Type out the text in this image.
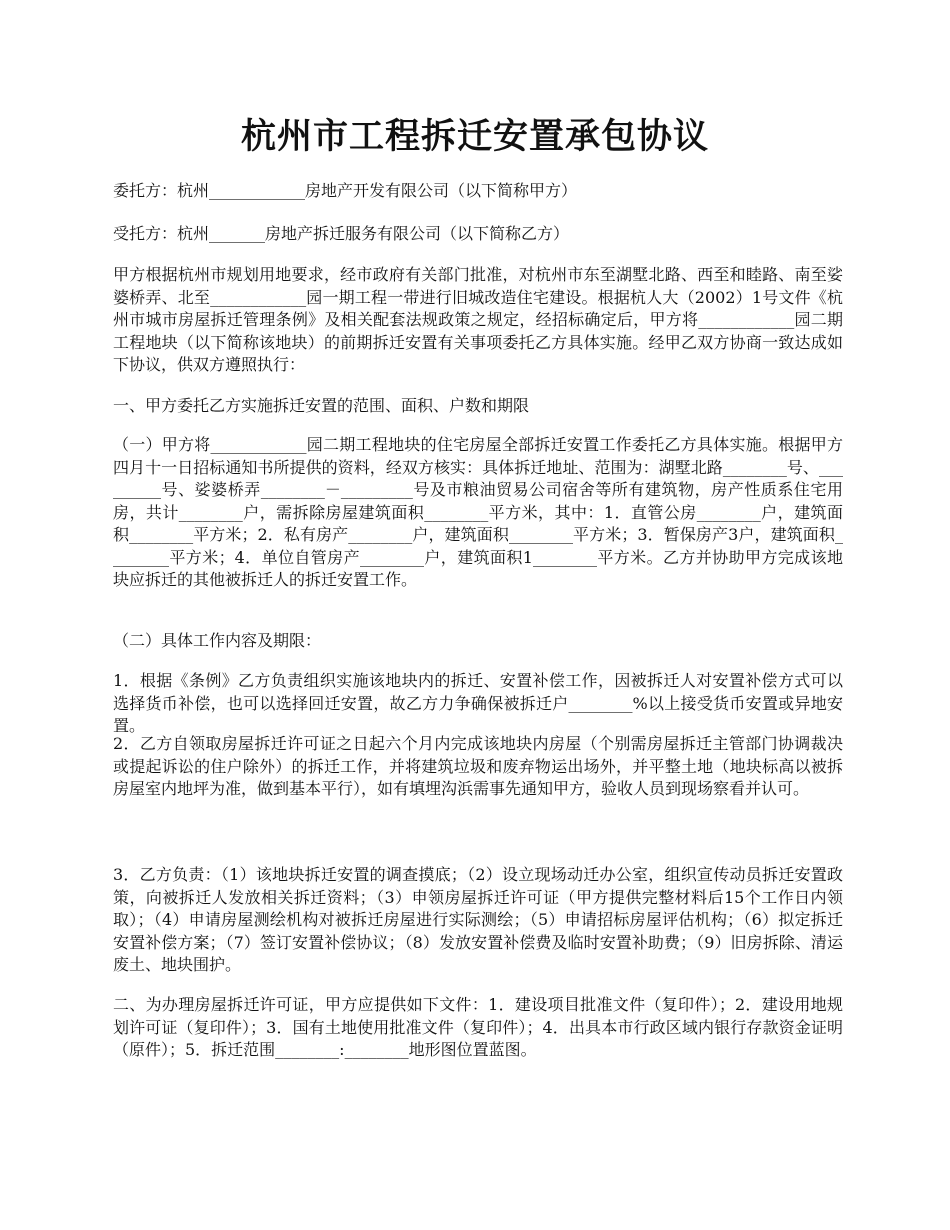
杭州市工程拆迁安置承包协议

委托方：杭州____________房地产开发有限公司（以下简称甲方）

受托方：杭州_______房地产拆迁服务有限公司（以下简称乙方）

甲方根据杭州市规划用地要求，经市政府有关部门批准，对杭州市东至湖墅北路、西至和睦路、南至娑婆桥弄、北至____________园一期工程一带进行旧城改造住宅建设。根据杭人大（2002）1号文件《杭州市城市房屋拆迁管理条例》及相关配套法规政策之规定，经招标确定后，甲方将____________园二期工程地块（以下简称该地块）的前期拆迁安置有关事项委托乙方具体实施。经甲乙双方协商一致达成如下协议，供双方遵照执行：

一、甲方委托乙方实施拆迁安置的范围、面积、户数和期限

（一）甲方将____________园二期工程地块的住宅房屋全部拆迁安置工作委托乙方具体实施。根据甲方四月十一日招标通知书所提供的资料，经双方核实：具体拆迁地址、范围为：湖墅北路________号、_________号、娑婆桥弄________－_________号及市粮油贸易公司宿舍等所有建筑物，房产性质系住宅用房，共计________户，需拆除房屋建筑面积________平方米，其中：1．直管公房________户，建筑面积________平方米；2．私有房产________户，建筑面积________平方米；3．暂保房产3户，建筑面积________平方米；4．单位自管房产________户，建筑面积1________平方米。乙方并协助甲方完成该地块应拆迁的其他被拆迁人的拆迁安置工作。

（二）具体工作内容及期限：

1．根据《条例》乙方负责组织实施该地块内的拆迁、安置补偿工作，因被拆迁人对安置补偿方式可以选择货币补偿，也可以选择回迁安置，故乙方力争确保被拆迁户________%以上接受货币安置或异地安置。

2．乙方自领取房屋拆迁许可证之日起六个月内完成该地块内房屋（个别需房屋拆迁主管部门协调裁决或提起诉讼的住户除外）的拆迁工作，并将建筑垃圾和废弃物运出场外，并平整土地（地块标高以被拆房屋室内地坪为准，做到基本平行），如有填埋沟浜需事先通知甲方，验收人员到现场察看并认可。

3．乙方负责：（1）该地块拆迁安置的调查摸底；（2）设立现场动迁办公室，组织宣传动员拆迁安置政策，向被拆迁人发放相关拆迁资料；（3）申领房屋拆迁许可证（甲方提供完整材料后15个工作日内领取）；（4）申请房屋测绘机构对被拆迁房屋进行实际测绘；（5）申请招标房屋评估机构；（6）拟定拆迁安置补偿方案；（7）签订安置补偿协议；（8）发放安置补偿费及临时安置补助费；（9）旧房拆除、清运废土、地块围护。

二、为办理房屋拆迁许可证，甲方应提供如下文件：1．建设项目批准文件（复印件）；2．建设用地规划许可证（复印件）；3．国有土地使用批准文件（复印件）；4．出具本市行政区域内银行存款资金证明（原件）；5．拆迁范围________:________地形图位置蓝图。
